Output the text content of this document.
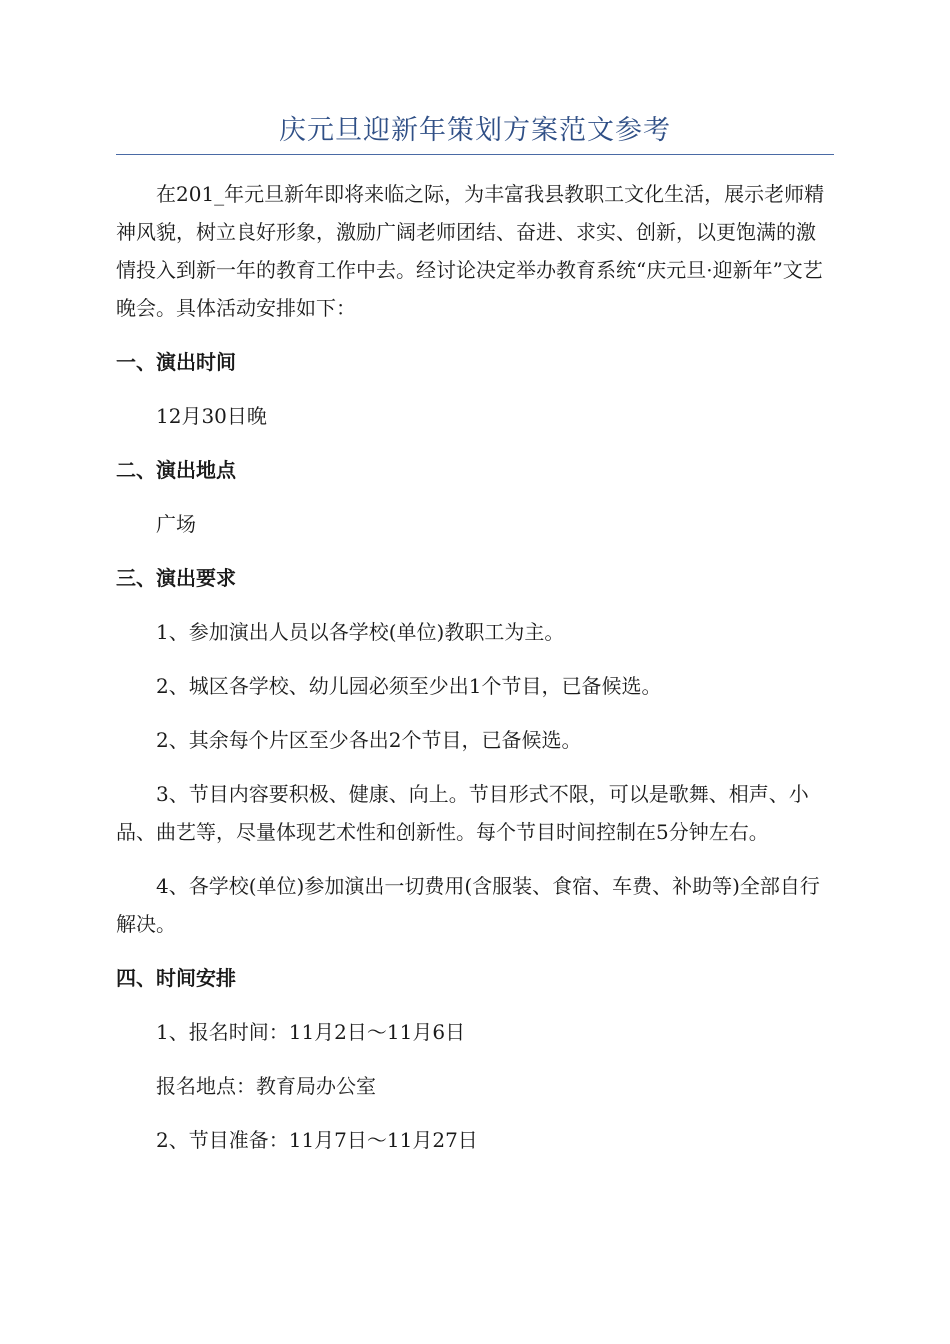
庆元旦迎新年策划方案范文参考

在201_年元旦新年即将来临之际，为丰富我县教职工文化生活，展示老师精神风貌，树立良好形象，激励广阔老师团结、奋进、求实、创新，以更饱满的激情投入到新一年的教育工作中去。经讨论决定举办教育系统“庆元旦·迎新年”文艺晚会。具体活动安排如下：

一、演出时间

12月30日晚

二、演出地点

广场

三、演出要求

1、参加演出人员以各学校(单位)教职工为主。

2、城区各学校、幼儿园必须至少出1个节目，已备候选。

2、其余每个片区至少各出2个节目，已备候选。

3、节目内容要积极、健康、向上。节目形式不限，可以是歌舞、相声、小品、曲艺等，尽量体现艺术性和创新性。每个节目时间控制在5分钟左右。

4、各学校(单位)参加演出一切费用(含服装、食宿、车费、补助等)全部自行解决。

四、时间安排

1、报名时间：11月2日～11月6日

报名地点：教育局办公室

2、节目准备：11月7日～11月27日
